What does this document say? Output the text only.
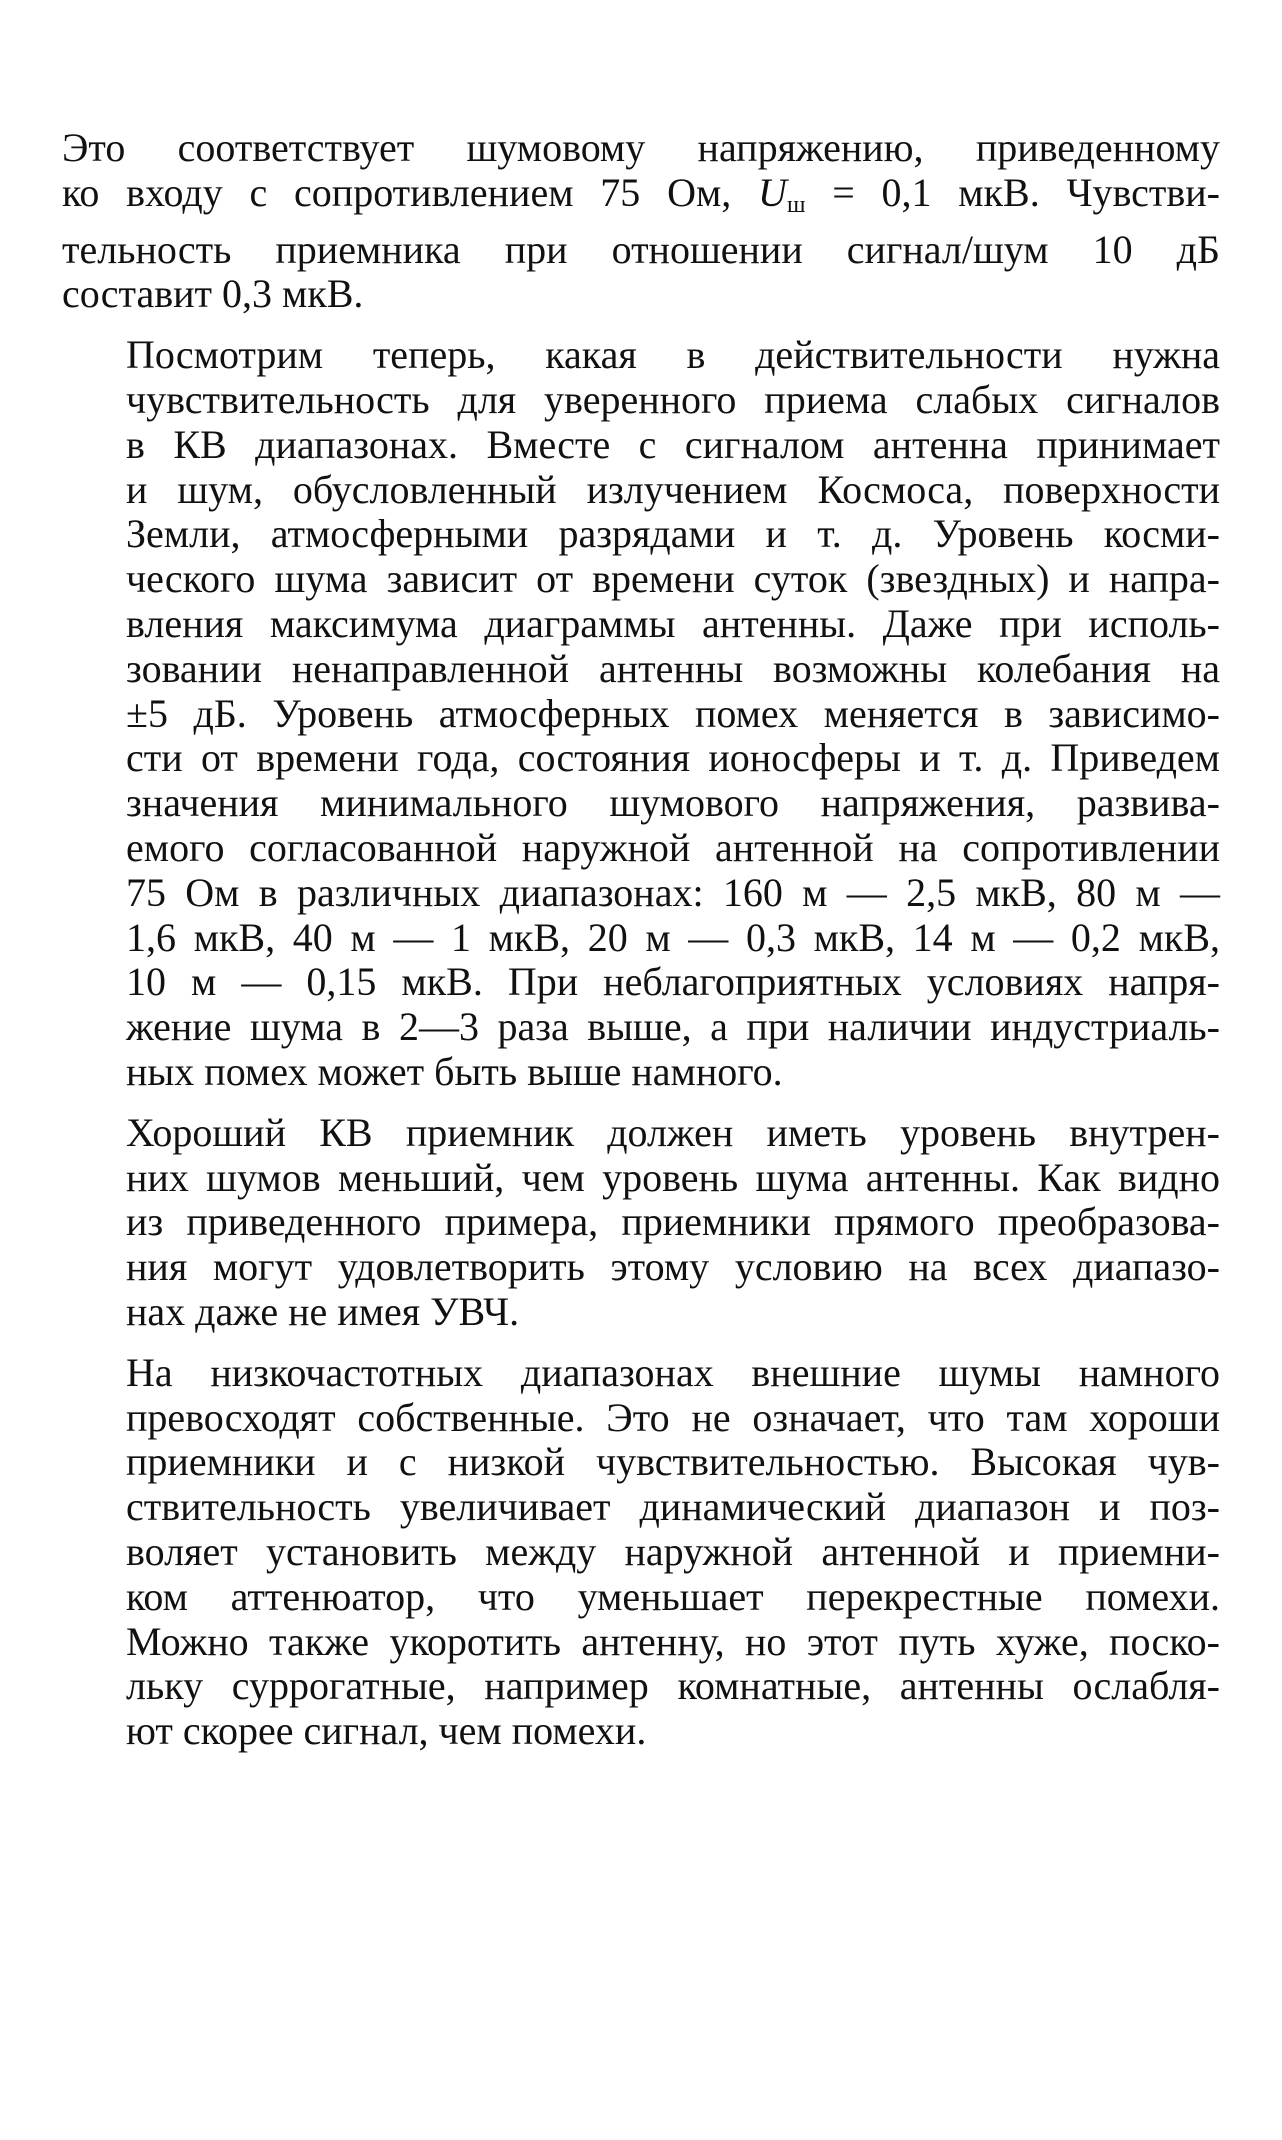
Это соответствует шумовому напряжению, приведенному
ко входу с сопротивлением 75 Ом, $U_ш = 0,1$ мкВ. Чувстви-
тельность приемника при отношении сигнал/шум 10 дБ
составит 0,3 мкВ.

Посмотрим теперь, какая в действительности нужна
чувствительность для уверенного приема слабых сигналов
в КВ диапазонах. Вместе с сигналом антенна принимает
и шум, обусловленный излучением Космоса, поверхности
Земли, атмосферными разрядами и т. д. Уровень косми-
ческого шума зависит от времени суток (звездных) и напра-
вления максимума диаграммы антенны. Даже при исполь-
зовании ненаправленной антенны возможны колебания на
±5 дБ. Уровень атмосферных помех меняется в зависимо-
сти от времени года, состояния ионосферы и т. д. Приведем
значения минимального шумового напряжения, развива-
емого согласованной наружной антенной на сопротивлении
75 Ом в различных диапазонах: 160 м — 2,5 мкВ, 80 м —
1,6 мкВ, 40 м — 1 мкВ, 20 м — 0,3 мкВ, 14 м — 0,2 мкВ,
10 м — 0,15 мкВ. При неблагоприятных условиях напря-
жение шума в 2—3 раза выше, а при наличии индустриаль-
ных помех может быть выше намного.

Хороший КВ приемник должен иметь уровень внутрен-
них шумов меньший, чем уровень шума антенны. Как видно
из приведенного примера, приемники прямого преобразова-
ния могут удовлетворить этому условию на всех диапазо-
нах даже не имея УВЧ.

На низкочастотных диапазонах внешние шумы намного
превосходят собственные. Это не означает, что там хороши
приемники и с низкой чувствительностью. Высокая чув-
ствительность увеличивает динамический диапазон и поз-
воляет установить между наружной антенной и приемни-
ком аттенюатор, что уменьшает перекрестные помехи.
Можно также укоротить антенну, но этот путь хуже, поско-
льку суррогатные, например комнатные, антенны ослабля-
ют скорее сигнал, чем помехи.
